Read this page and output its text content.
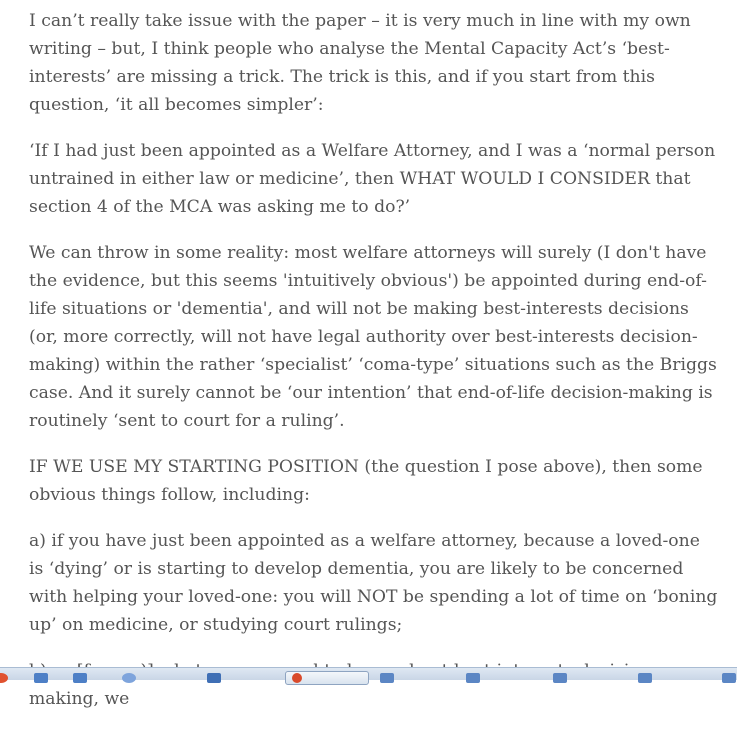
I can’t really take issue with the paper – it is very much in line with my own writing – but, I think people who analyse the Mental Capacity Act’s ‘best-interests’ are missing a trick. The trick is this, and if you start from this question, ‘it all becomes simpler’:

‘If I had just been appointed as a Welfare Attorney, and I was a ‘normal person untrained in either law or medicine’, then WHAT WOULD I CONSIDER that section 4 of the MCA was asking me to do?’

We can throw in some reality: most welfare attorneys will surely (I don't have the evidence, but this seems 'intuitively obvious') be appointed during end-of-life situations or 'dementia', and will not be making best-interests decisions (or, more correctly, will not have legal authority over best-interests decision-making) within the rather ‘specialist’ ‘coma-type’ situations such as the Briggs case. And it surely cannot be ‘our intention’ that end-of-life decision-making is routinely ‘sent to court for a ruling’.

IF WE USE MY STARTING POSITION (the question I pose above), then some obvious things follow, including:

a) if you have just been appointed as a welfare attorney, because a loved-one is ‘dying’ or is starting to develop dementia, you are likely to be concerned with helping your loved-one: you will NOT be spending a lot of time on ‘boning up’ on medicine, or studying court rulings;

making, we
